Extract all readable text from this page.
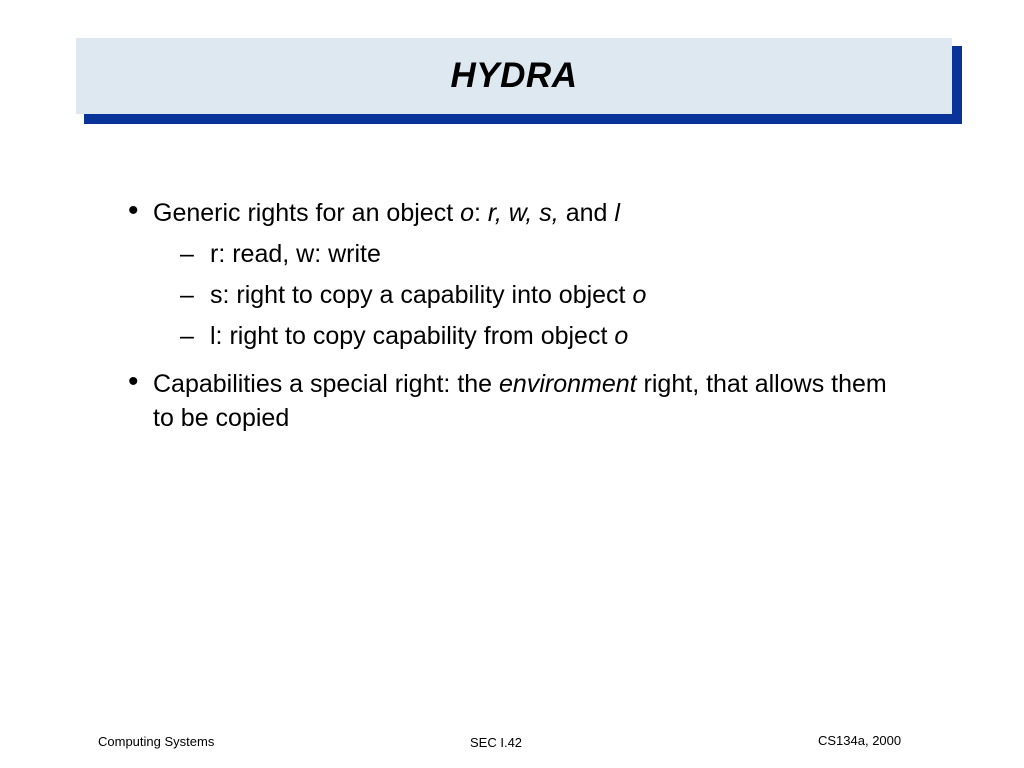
HYDRA
• Generic rights for an object o: r, w, s, and l
– r: read, w: write
– s: right to copy a capability into object o
– l: right to copy capability from object o
• Capabilities a special right: the environment right, that allows them to be copied
Computing Systems	SEC I.42	CS134a, 2000
